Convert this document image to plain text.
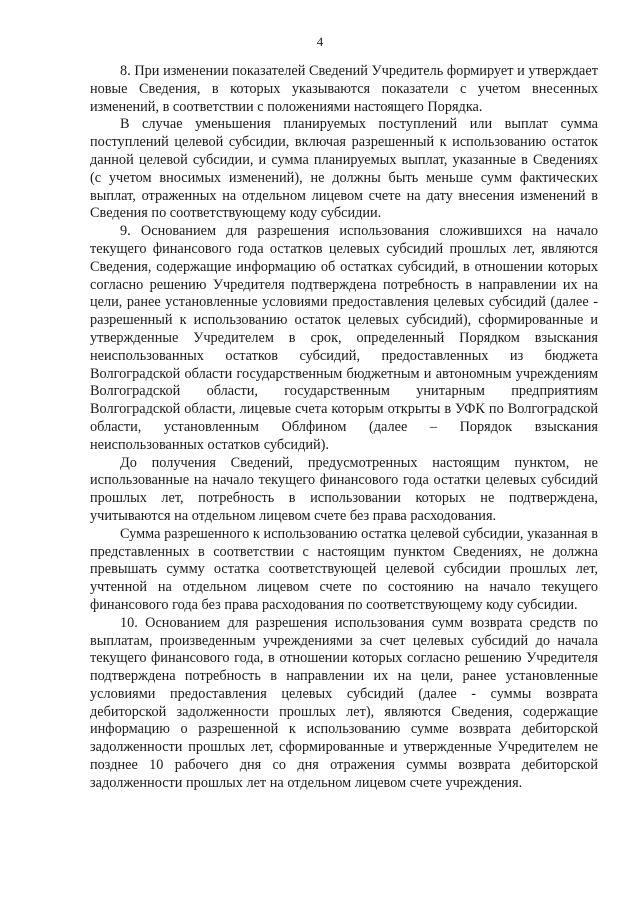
4

8. При изменении показателей Сведений Учредитель формирует и утверждает новые Сведения, в которых указываются показатели с учетом внесенных изменений, в соответствии с положениями настоящего Порядка.

В случае уменьшения планируемых поступлений или выплат сумма поступлений целевой субсидии, включая разрешенный к использованию остаток данной целевой субсидии, и сумма планируемых выплат, указанные в Сведениях (с учетом вносимых изменений), не должны быть меньше сумм фактических выплат, отраженных на отдельном лицевом счете на дату внесения изменений в Сведения по соответствующему коду субсидии.

9. Основанием для разрешения использования сложившихся на начало текущего финансового года остатков целевых субсидий прошлых лет, являются Сведения, содержащие информацию об остатках субсидий, в отношении которых согласно решению Учредителя подтверждена потребность в направлении их на цели, ранее установленные условиями предоставления целевых субсидий (далее - разрешенный к использованию остаток целевых субсидий), сформированные и утвержденные Учредителем в срок, определенный Порядком взыскания неиспользованных остатков субсидий, предоставленных из бюджета Волгоградской области государственным бюджетным и автономным учреждениям Волгоградской области, государственным унитарным предприятиям Волгоградской области, лицевые счета которым открыты в УФК по Волгоградской области, установленным Облфином (далее – Порядок взыскания неиспользованных остатков субсидий).

До получения Сведений, предусмотренных настоящим пунктом, не использованные на начало текущего финансового года остатки целевых субсидий прошлых лет, потребность в использовании которых не подтверждена, учитываются на отдельном лицевом счете без права расходования.

Сумма разрешенного к использованию остатка целевой субсидии, указанная в представленных в соответствии с настоящим пунктом Сведениях, не должна превышать сумму остатка соответствующей целевой субсидии прошлых лет, учтенной на отдельном лицевом счете по состоянию на начало текущего финансового года без права расходования по соответствующему коду субсидии.

10. Основанием для разрешения использования сумм возврата средств по выплатам, произведенным учреждениями за счет целевых субсидий до начала текущего финансового года, в отношении которых согласно решению Учредителя подтверждена потребность в направлении их на цели, ранее установленные условиями предоставления целевых субсидий (далее - суммы возврата дебиторской задолженности прошлых лет), являются Сведения, содержащие информацию о разрешенной к использованию сумме возврата дебиторской задолженности прошлых лет, сформированные и утвержденные Учредителем не позднее 10 рабочего дня со дня отражения суммы возврата дебиторской задолженности прошлых лет на отдельном лицевом счете учреждения.
